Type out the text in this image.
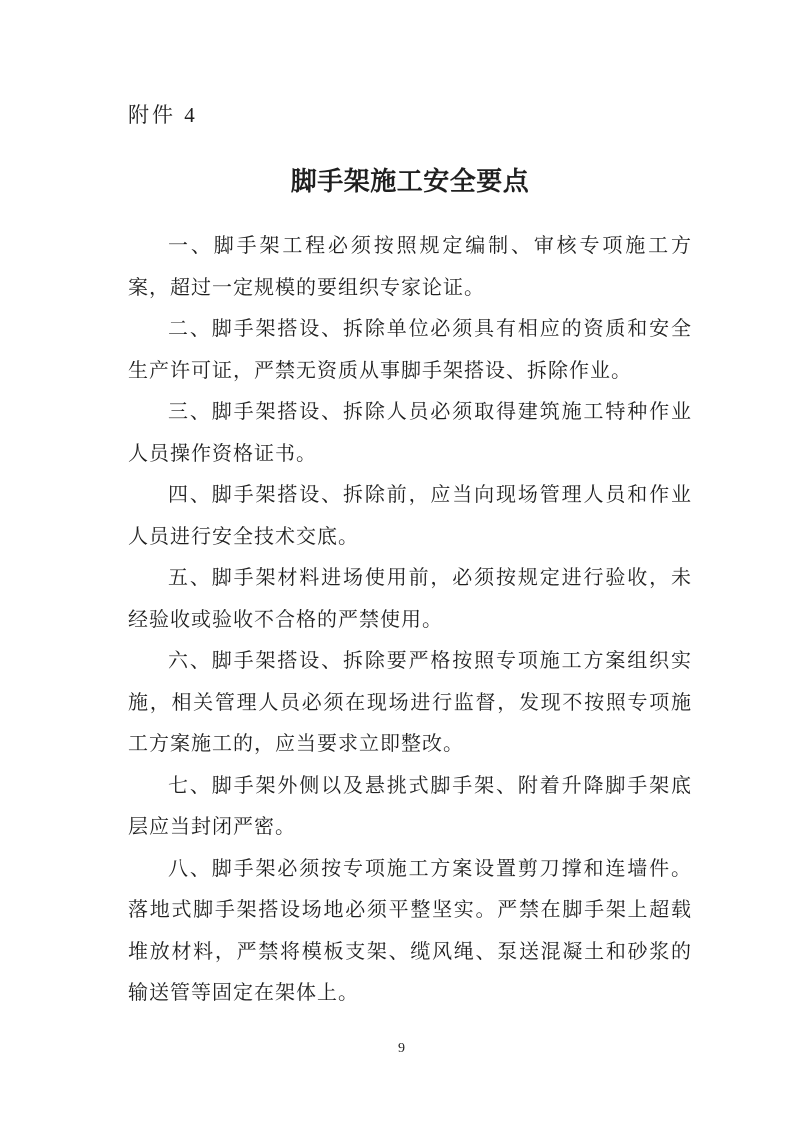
附件 4
脚手架施工安全要点

一、脚手架工程必须按照规定编制、审核专项施工方案，超过一定规模的要组织专家论证。

二、脚手架搭设、拆除单位必须具有相应的资质和安全生产许可证，严禁无资质从事脚手架搭设、拆除作业。

三、脚手架搭设、拆除人员必须取得建筑施工特种作业人员操作资格证书。

四、脚手架搭设、拆除前，应当向现场管理人员和作业人员进行安全技术交底。

五、脚手架材料进场使用前，必须按规定进行验收，未经验收或验收不合格的严禁使用。

六、脚手架搭设、拆除要严格按照专项施工方案组织实施，相关管理人员必须在现场进行监督，发现不按照专项施工方案施工的，应当要求立即整改。

七、脚手架外侧以及悬挑式脚手架、附着升降脚手架底层应当封闭严密。

八、脚手架必须按专项施工方案设置剪刀撑和连墙件。落地式脚手架搭设场地必须平整坚实。严禁在脚手架上超载堆放材料，严禁将模板支架、缆风绳、泵送混凝土和砂浆的输送管等固定在架体上。

9
